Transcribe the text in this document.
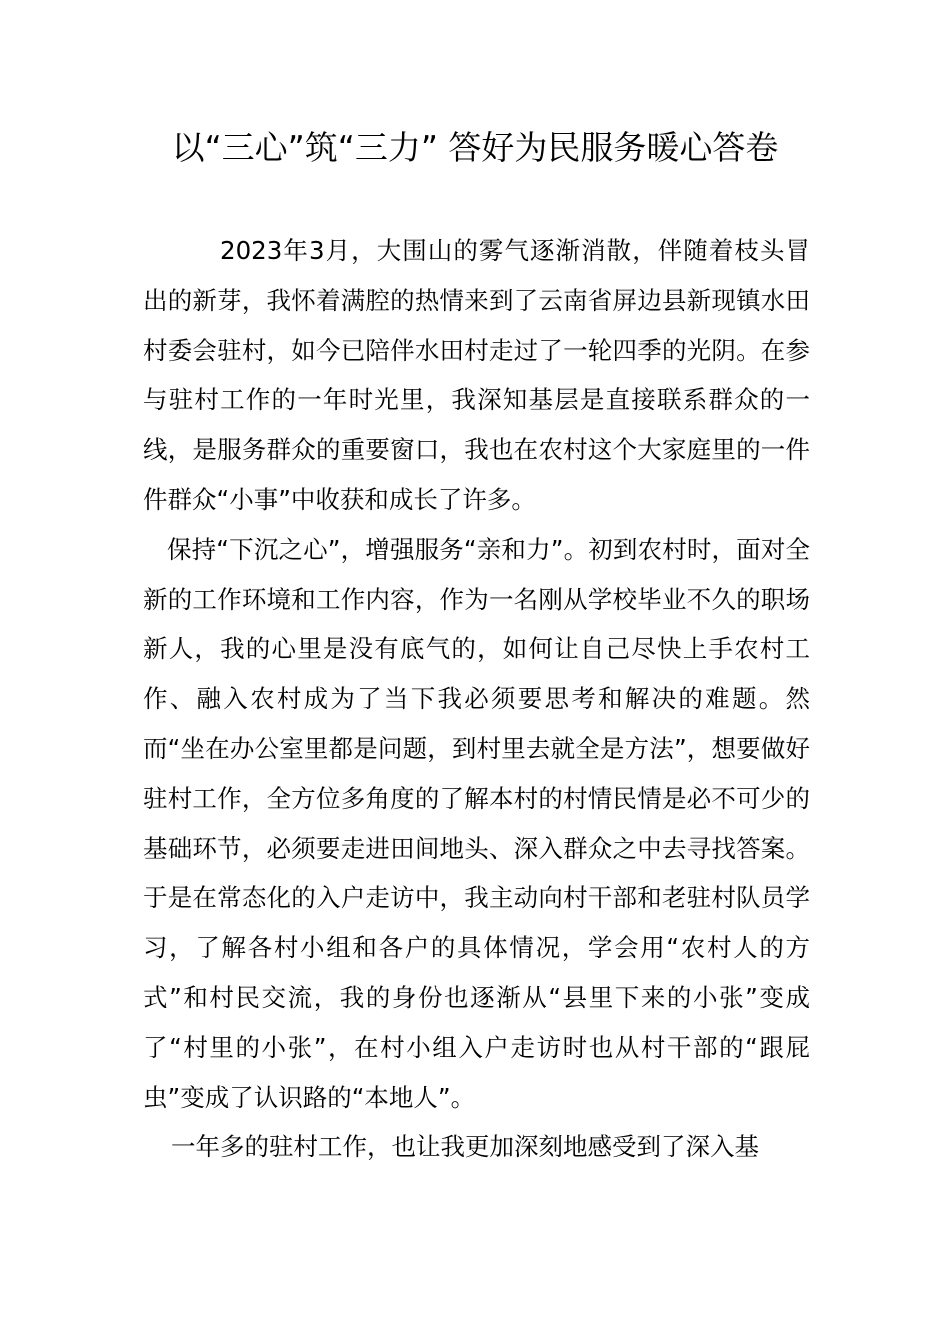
以“三心”筑“三力” 答好为民服务暖心答卷

2023年3月，大围山的雾气逐渐消散，伴随着枝头冒出的新芽，我怀着满腔的热情来到了云南省屏边县新现镇水田村委会驻村，如今已陪伴水田村走过了一轮四季的光阴。在参与驻村工作的一年时光里，我深知基层是直接联系群众的一线，是服务群众的重要窗口，我也在农村这个大家庭里的一件件群众“小事”中收获和成长了许多。

保持“下沉之心”，增强服务“亲和力”。初到农村时，面对全新的工作环境和工作内容，作为一名刚从学校毕业不久的职场新人，我的心里是没有底气的，如何让自己尽快上手农村工作、融入农村成为了当下我必须要思考和解决的难题。然而“坐在办公室里都是问题，到村里去就全是方法”，想要做好驻村工作，全方位多角度的了解本村的村情民情是必不可少的基础环节，必须要走进田间地头、深入群众之中去寻找答案。于是在常态化的入户走访中，我主动向村干部和老驻村队员学习，了解各村小组和各户的具体情况，学会用“农村人的方式”和村民交流，我的身份也逐渐从“县里下来的小张”变成了“村里的小张”，在村小组入户走访时也从村干部的“跟屁虫”变成了认识路的“本地人”。

一年多的驻村工作，也让我更加深刻地感受到了深入基
